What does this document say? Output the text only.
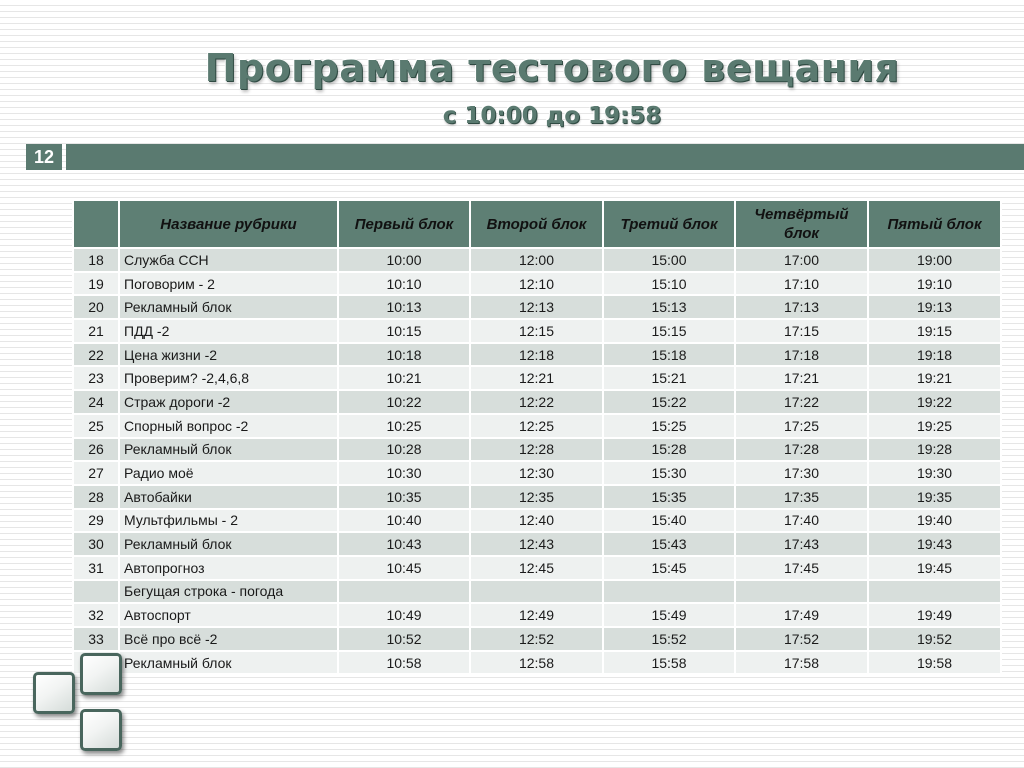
Программа тестового вещания
с 10:00 до 19:58
12
	Название рубрики	Первый блок	Второй блок	Третий блок	Четвёртый блок	Пятый блок
18	Служба ССН	10:00	12:00	15:00	17:00	19:00
19	Поговорим - 2	10:10	12:10	15:10	17:10	19:10
20	Рекламный блок	10:13	12:13	15:13	17:13	19:13
21	ПДД -2	10:15	12:15	15:15	17:15	19:15
22	Цена жизни -2	10:18	12:18	15:18	17:18	19:18
23	Проверим? -2,4,6,8	10:21	12:21	15:21	17:21	19:21
24	Страж дороги -2	10:22	12:22	15:22	17:22	19:22
25	Спорный вопрос -2	10:25	12:25	15:25	17:25	19:25
26	Рекламный блок	10:28	12:28	15:28	17:28	19:28
27	Радио моё	10:30	12:30	15:30	17:30	19:30
28	Автобайки	10:35	12:35	15:35	17:35	19:35
29	Мультфильмы - 2	10:40	12:40	15:40	17:40	19:40
30	Рекламный блок	10:43	12:43	15:43	17:43	19:43
31	Автопрогноз	10:45	12:45	15:45	17:45	19:45
	Бегущая строка - погода					
32	Автоспорт	10:49	12:49	15:49	17:49	19:49
33	Всё про всё -2	10:52	12:52	15:52	17:52	19:52
	Рекламный блок	10:58	12:58	15:58	17:58	19:58
